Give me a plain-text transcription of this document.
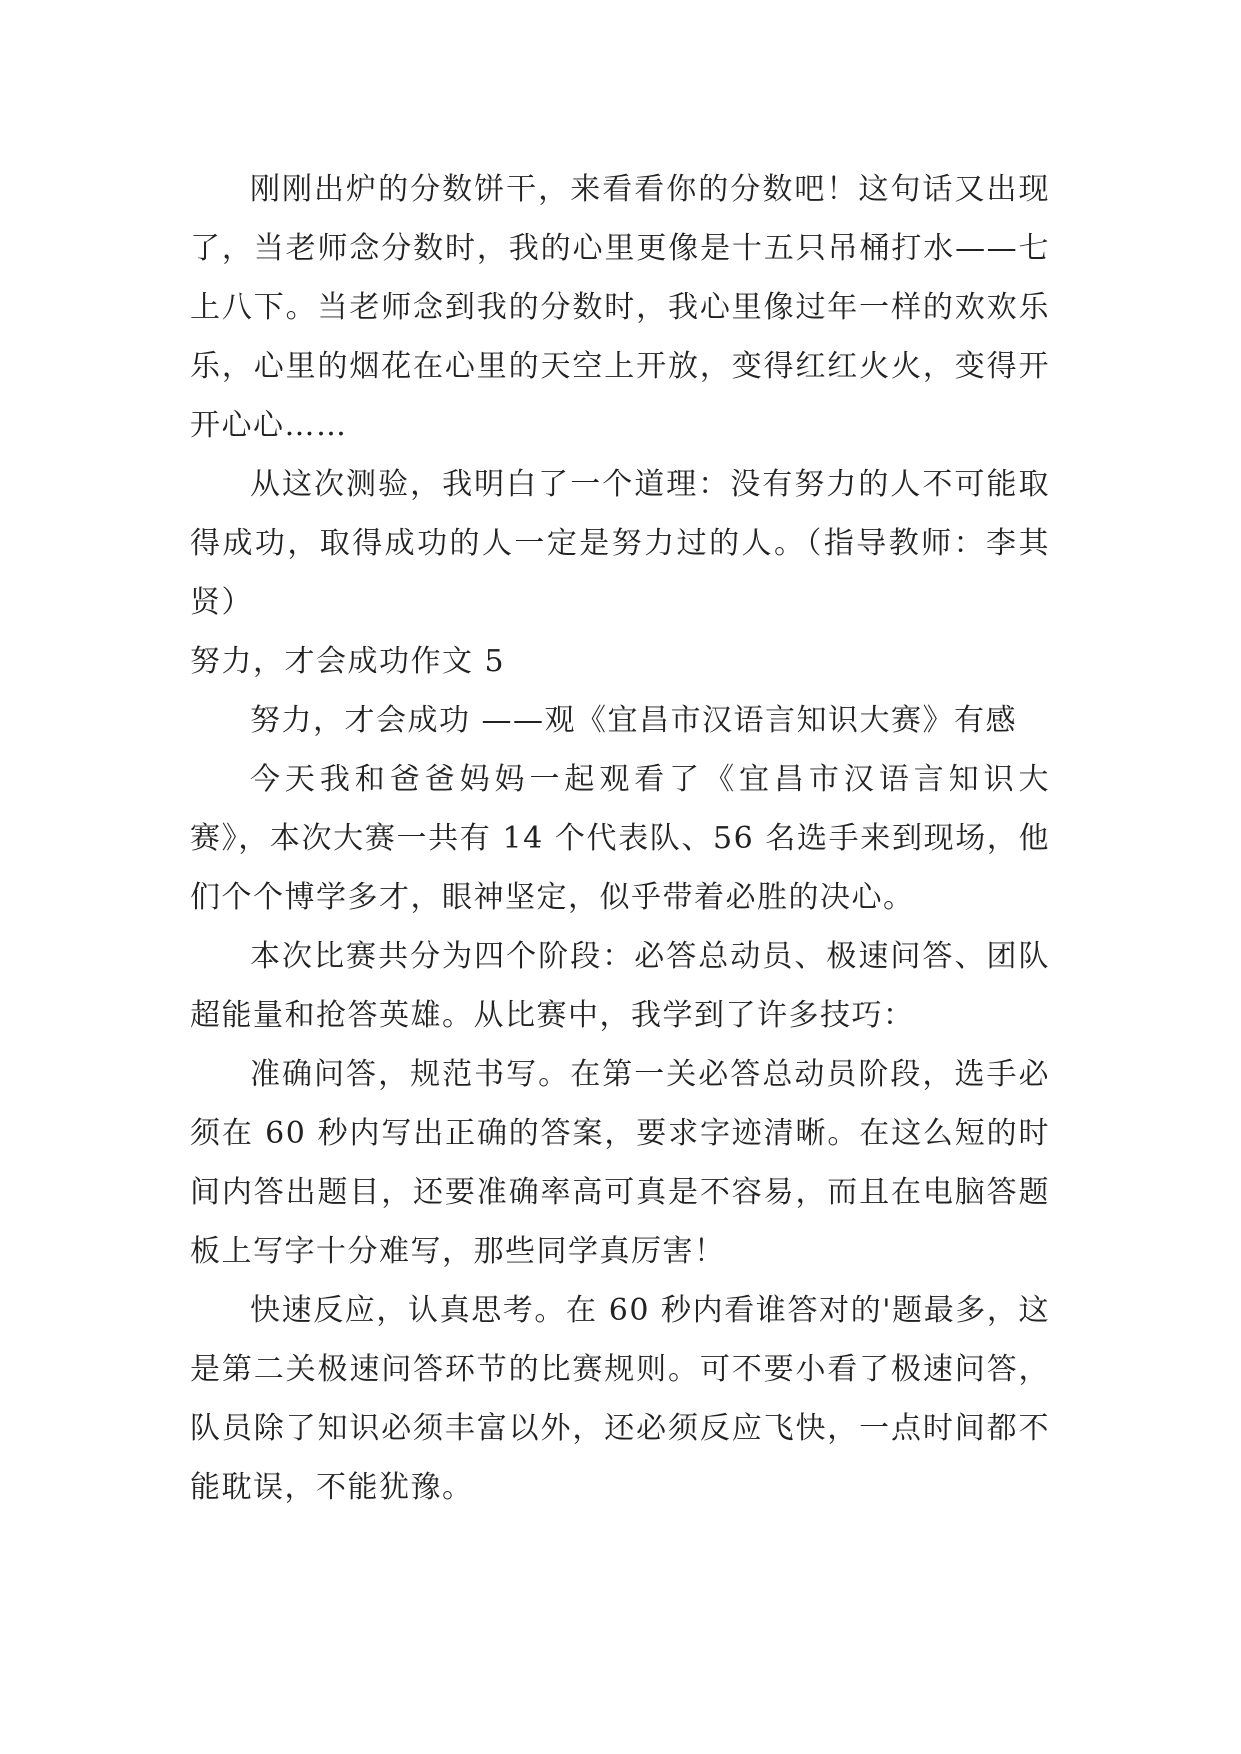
刚刚出炉的分数饼干，来看看你的分数吧！这句话又出现了，当老师念分数时，我的心里更像是十五只吊桶打水——七上八下。当老师念到我的分数时，我心里像过年一样的欢欢乐乐，心里的烟花在心里的天空上开放，变得红红火火，变得开开心心……

从这次测验，我明白了一个道理：没有努力的人不可能取得成功，取得成功的人一定是努力过的人。（指导教师：李其贤）

努力，才会成功作文 5

努力，才会成功 ——观《宜昌市汉语言知识大赛》有感

今天我和爸爸妈妈一起观看了《宜昌市汉语言知识大赛》，本次大赛一共有 14 个代表队、56 名选手来到现场，他们个个博学多才，眼神坚定，似乎带着必胜的决心。

本次比赛共分为四个阶段：必答总动员、极速问答、团队超能量和抢答英雄。从比赛中，我学到了许多技巧：

准确问答，规范书写。在第一关必答总动员阶段，选手必须在 60 秒内写出正确的答案，要求字迹清晰。在这么短的时间内答出题目，还要准确率高可真是不容易，而且在电脑答题板上写字十分难写，那些同学真厉害！

快速反应，认真思考。在 60 秒内看谁答对的'题最多，这是第二关极速问答环节的比赛规则。可不要小看了极速问答，队员除了知识必须丰富以外，还必须反应飞快，一点时间都不能耽误，不能犹豫。
